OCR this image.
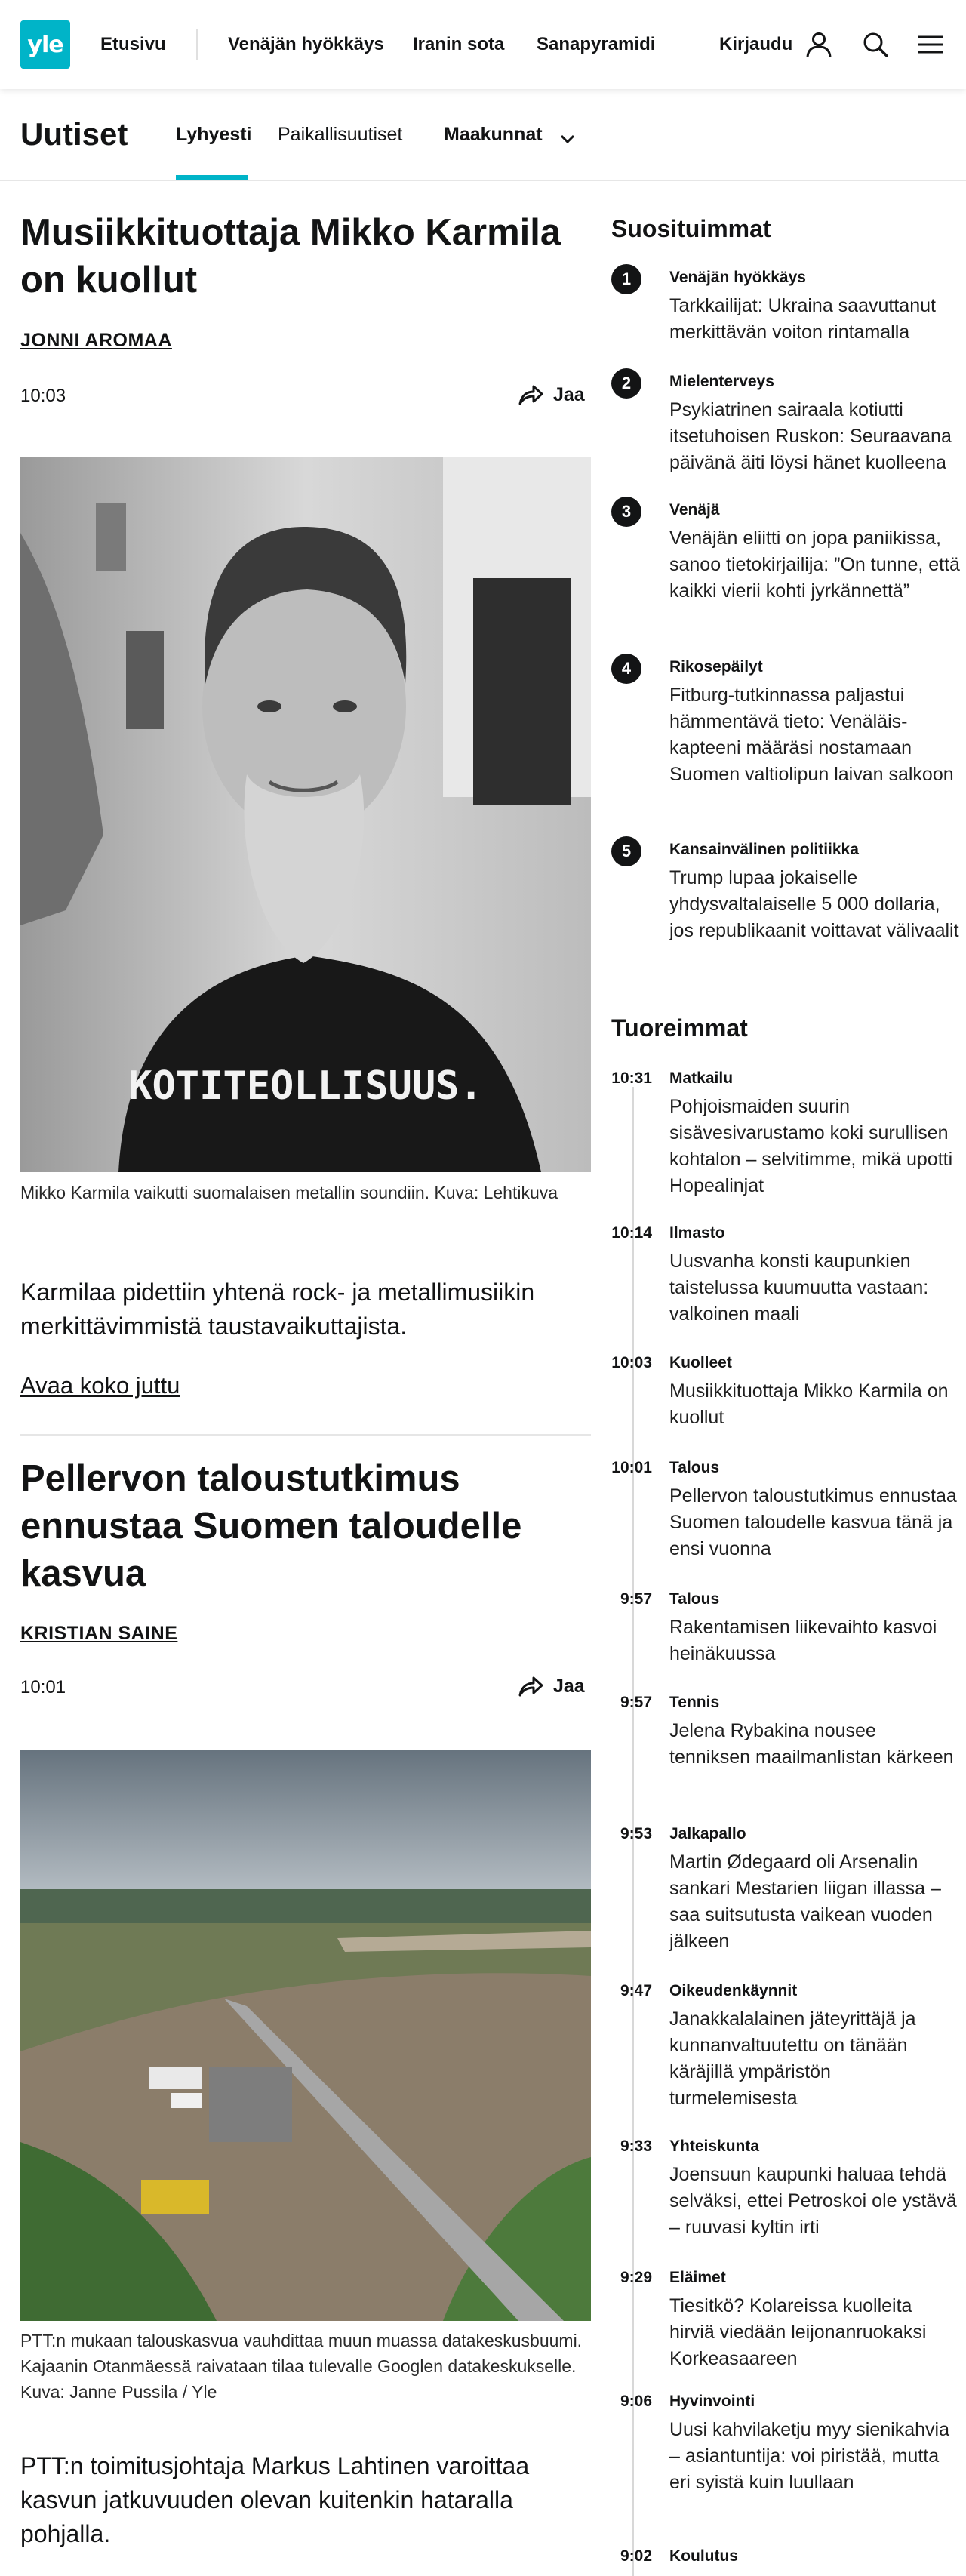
yle Etusivu	Venäjän hyökkäys Iranin sota Sanapyramidi	Kirjaudu
Uutiset	Lyhyesti Paikallisuutiset Maakunnat
Musiikkituottaja Mikko Karmila on kuollut
JONNI AROMAA
10:03	Jaa
KOTITEOLLISUUS.
Mikko Karmila vaikutti suomalaisen metallin soundiin. Kuva: Lehtikuva
Karmilaa pidettiin yhtenä rock- ja metallimusiikin merkittävimmistä taustavaikuttajista.
Avaa koko juttu
Pellervon taloustutkimus ennustaa Suomen taloudelle kasvua
KRISTIAN SAINE
10:01	Jaa
PTT:n mukaan talouskasvua vauhdittaa muun muassa datakeskusbuumi. Kajaanin Otanmäessä raivataan tilaa tulevalle Googlen datakeskukselle. Kuva: Janne Pussila / Yle
PTT:n toimitusjohtaja Markus Lahtinen varoittaa kasvun jatkuvuuden olevan kuitenkin hataralla pohjalla.
Suosituimmat
1	Venäjän hyökkäys
Tarkkailijat: Ukraina saavuttanut merkittävän voiton rintamalla
2	Mielenterveys
Psykiatrinen sairaala kotiutti itsetuhoisen Ruskon: Seuraavana päivänä äiti löysi hänet kuolleena
3	Venäjä
Venäjän eliitti on jopa paniikissa, sanoo tietokirjailija: ”On tunne, että kaikki vierii kohti jyrkännettä”
4	Rikosepäilyt
Fitburg-tutkinnassa paljastui hämmentävä tieto: Venäläiskapteeni määräsi nostamaan Suomen valtiolipun laivan salkoon
5	Kansainvälinen politiikka
Trump lupaa jokaiselle yhdysvaltalaiselle 5 000 dollaria, jos republikaanit voittavat välivaalit
Tuoreimmat
10:31 Matkailu
Pohjoismaiden suurin sisävesivarustamo koki surullisen kohtalon – selvitimme, mikä upotti Hopealinjat
10:14 Ilmasto
Uusvanha konsti kaupunkien taistelussa kuumuutta vastaan: valkoinen maali
10:03 Kuolleet
Musiikkituottaja Mikko Karmila on kuollut
10:01 Talous
Pellervon taloustutkimus ennustaa Suomen taloudelle kasvua tänä ja ensi vuonna
9:57 Talous
Rakentamisen liikevaihto kasvoi heinäkuussa
9:57 Tennis
Jelena Rybakina nousee tenniksen maailmanlistan kärkeen
9:53 Jalkapallo
Martin Ødegaard oli Arsenalin sankari Mestarien liigan illassa – saa suitsutusta vaikean vuoden jälkeen
9:47 Oikeudenkäynnit
Janakkalalainen jäteyrittäjä ja kunnanvaltuutettu on tänään käräjillä ympäristön turmelemisesta
9:33 Yhteiskunta
Joensuun kaupunki haluaa tehdä selväksi, ettei Petroskoi ole ystävä – ruuvasi kyltin irti
9:29 Eläimet
Tiesitkö? Kolareissa kuolleita hirviä viedään leijonanruokaksi Korkeasaareen
9:06 Hyvinvointi
Uusi kahvilaketju myy sienikahvia – asiantuntija: voi piristää, mutta eri syistä kuin luullaan
9:02 Koulutus
